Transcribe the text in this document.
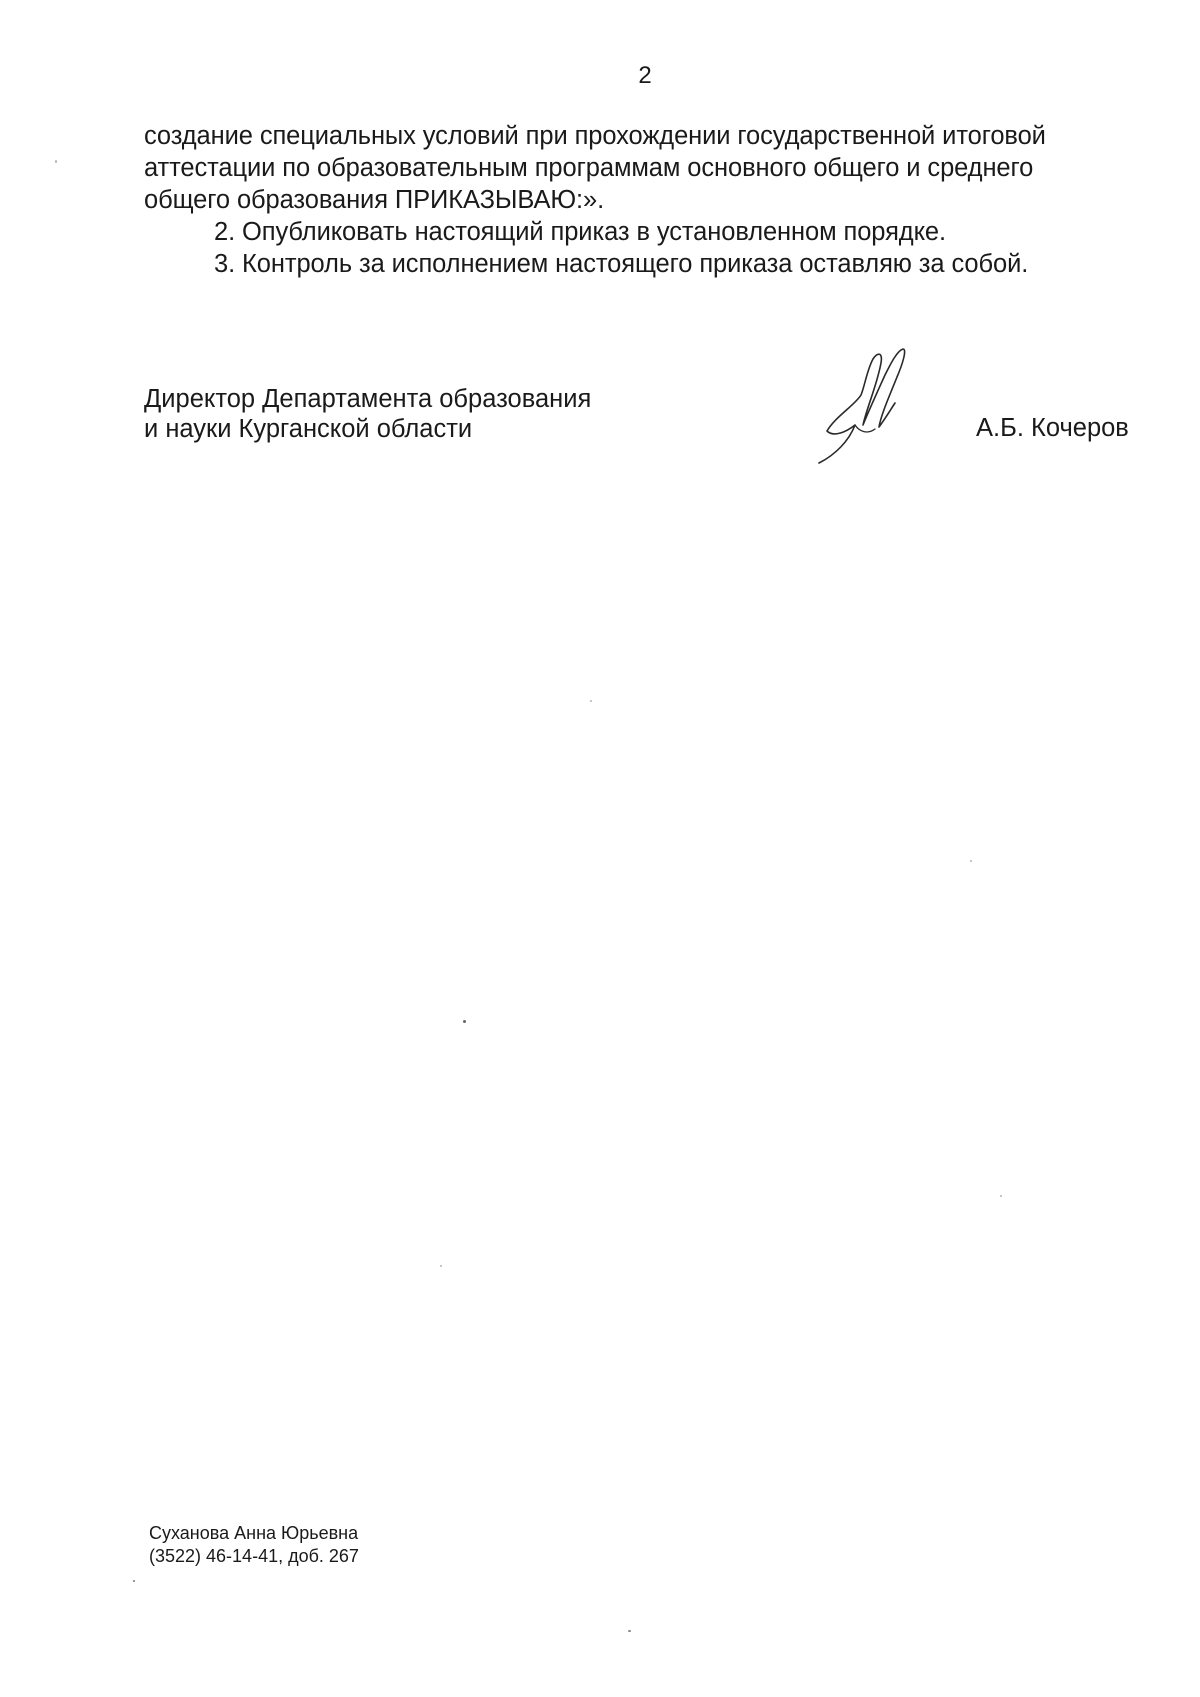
2

создание специальных условий при прохождении государственной итоговой

аттестации по образовательным программам основного общего и среднего

общего образования ПРИКАЗЫВАЮ:».

2. Опубликовать настоящий приказ в установленном порядке.

3. Контроль за исполнением настоящего приказа оставляю за собой.

Директор Департамента образования
и науки Курганской области	А.Б. Кочеров
Суханова Анна Юрьевна
(3522) 46-14-41, доб. 267
